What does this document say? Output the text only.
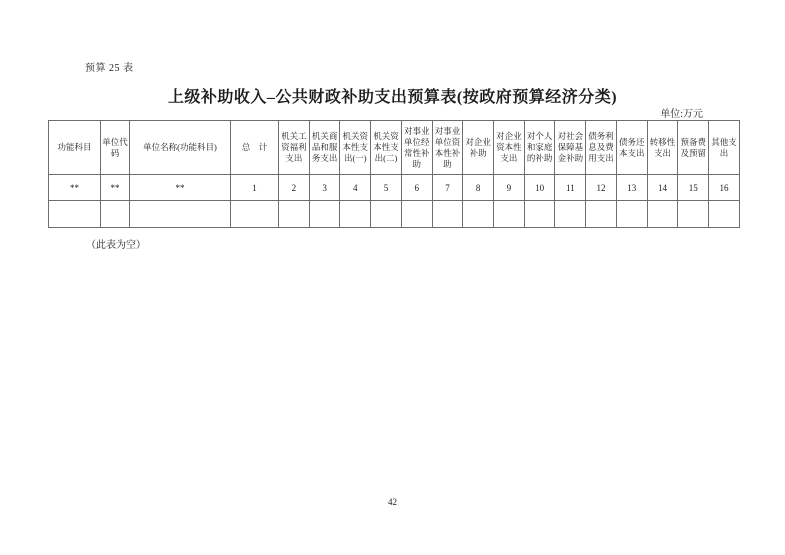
预算 25 表
上级补助收入–公共财政补助支出预算表(按政府预算经济分类)
单位:万元
功能科目	单位代码	单位名称(功能科目)	总　计	机关工资福利支出	机关商品和服务支出	机关资本性支出(一)	机关资本性支出(二)	对事业单位经常性补助	对事业单位资本性补助	对企业补助	对企业资本性支出	对个人和家庭的补助	对社会保障基金补助	债务利息及费用支出	债务还本支出	转移性支出	预备费及预留	其他支出
**	**	**	1	2	3	4	5	6	7	8	9	10	11	12	13	14	15	16

（此表为空）
42
